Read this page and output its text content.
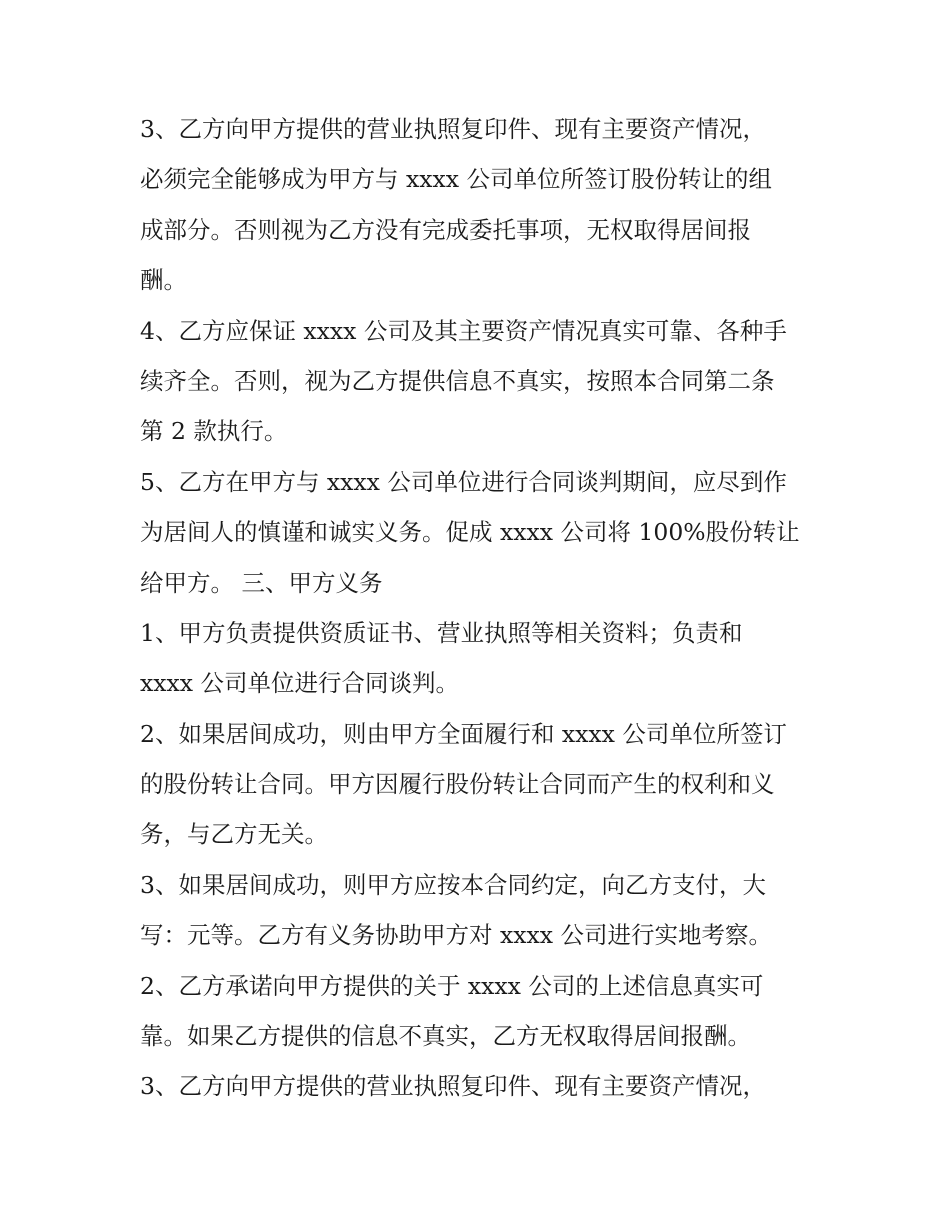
3、乙方向甲方提供的营业执照复印件、现有主要资产情况，
必须完全能够成为甲方与 xxxx 公司单位所签订股份转让的组
成部分。否则视为乙方没有完成委托事项，无权取得居间报
酬。
4、乙方应保证 xxxx 公司及其主要资产情况真实可靠、各种手
续齐全。否则，视为乙方提供信息不真实，按照本合同第二条
第 2 款执行。
5、乙方在甲方与 xxxx 公司单位进行合同谈判期间，应尽到作
为居间人的慎谨和诚实义务。促成 xxxx 公司将 100%股份转让
给甲方。 三、甲方义务
1、甲方负责提供资质证书、营业执照等相关资料；负责和
xxxx 公司单位进行合同谈判。
2、如果居间成功，则由甲方全面履行和 xxxx 公司单位所签订
的股份转让合同。甲方因履行股份转让合同而产生的权利和义
务，与乙方无关。
3、如果居间成功，则甲方应按本合同约定，向乙方支付，大
写：元等。乙方有义务协助甲方对 xxxx 公司进行实地考察。
2、乙方承诺向甲方提供的关于 xxxx 公司的上述信息真实可
靠。如果乙方提供的信息不真实，乙方无权取得居间报酬。
3、乙方向甲方提供的营业执照复印件、现有主要资产情况，
